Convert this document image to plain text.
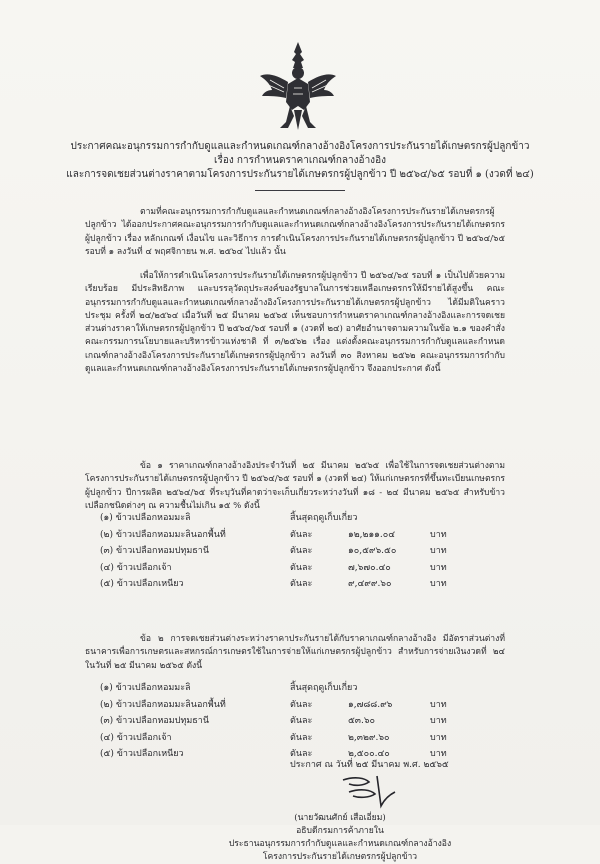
ประกาศคณะอนุกรรมการกำกับดูแลและกำหนดเกณฑ์กลางอ้างอิงโครงการประกันรายได้เกษตรกรผู้ปลูกข้าว
เรื่อง การกำหนดราคาเกณฑ์กลางอ้างอิง
และการจดเชยส่วนต่างราคาตามโครงการประกันรายได้เกษตรกรผู้ปลูกข้าว ปี ๒๕๖๔/๖๕ รอบที่ ๑ (งวดที่ ๒๔)
ตามที่คณะอนุกรรมการกำกับดูแลและกำหนดเกณฑ์กลางอ้างอิงโครงการประกันรายได้เกษตรกรผู้ปลูกข้าว ได้ออกประกาศคณะอนุกรรมการกำกับดูแลและกำหนดเกณฑ์กลางอ้างอิงโครงการประกันรายได้เกษตรกรผู้ปลูกข้าว เรื่อง หลักเกณฑ์ เงื่อนไข และวิธีการ การดำเนินโครงการประกันรายได้เกษตรกรผู้ปลูกข้าว ปี ๒๕๖๔/๖๕ รอบที่ ๑ ลงวันที่ ๔ พฤศจิกายน พ.ศ. ๒๕๖๔ ไปแล้ว นั้น
เพื่อให้การดำเนินโครงการประกันรายได้เกษตรกรผู้ปลูกข้าว ปี ๒๕๖๔/๖๕ รอบที่ ๑ เป็นไปด้วยความเรียบร้อย มีประสิทธิภาพ และบรรลุวัตถุประสงค์ของรัฐบาลในการช่วยเหลือเกษตรกรให้มีรายได้สูงขึ้น คณะอนุกรรมการกำกับดูแลและกำหนดเกณฑ์กลางอ้างอิงโครงการประกันรายได้เกษตรกรผู้ปลูกข้าว ได้มีมติในคราวประชุม ครั้งที่ ๒๔/๒๕๖๔ เมื่อวันที่ ๒๕ มีนาคม ๒๕๖๕ เห็นชอบการกำหนดราคาเกณฑ์กลางอ้างอิงและการจดเชยส่วนต่างราคาให้เกษตรกรผู้ปลูกข้าว ปี ๒๕๖๔/๖๕ รอบที่ ๑ (งวดที่ ๒๔) อาศัยอำนาจตามความในข้อ ๒.๑ ของคำสั่งคณะกรรมการนโยบายและบริหารข้าวแห่งชาติ ที่ ๓/๒๕๖๒ เรื่อง แต่งตั้งคณะอนุกรรมการกำกับดูแลและกำหนดเกณฑ์กลางอ้างอิงโครงการประกันรายได้เกษตรกรผู้ปลูกข้าว ลงวันที่ ๓๐ สิงหาคม ๒๕๖๒ คณะอนุกรรมการกำกับดูแลและกำหนดเกณฑ์กลางอ้างอิงโครงการประกันรายได้เกษตรกรผู้ปลูกข้าว จึงออกประกาศ ดังนี้
ข้อ ๑ ราคาเกณฑ์กลางอ้างอิงประจำวันที่ ๒๕ มีนาคม ๒๕๖๕ เพื่อใช้ในการจดเชยส่วนต่างตามโครงการประกันรายได้เกษตรกรผู้ปลูกข้าว ปี ๒๕๖๔/๖๕ รอบที่ ๑ (งวดที่ ๒๔) ให้แก่เกษตรกรที่ขึ้นทะเบียนเกษตรกรผู้ปลูกข้าว ปีการผลิต ๒๕๖๔/๖๕ ที่ระบุวันที่คาดว่าจะเก็บเกี่ยวระหว่างวันที่ ๑๘ - ๒๔ มีนาคม ๒๕๖๕ สำหรับข้าวเปลือกชนิดต่างๆ ณ ความชื้นไม่เกิน ๑๕ % ดังนี้
(๑) ข้าวเปลือกหอมมะลิ	สิ้นสุดฤดูเก็บเกี่ยว
(๒) ข้าวเปลือกหอมมะลินอกพื้นที่	ตันละ	๑๒,๒๑๑.๐๔	บาท
(๓) ข้าวเปลือกหอมปทุมธานี	ตันละ	๑๐,๕๙๖.๕๐	บาท
(๔) ข้าวเปลือกเจ้า	ตันละ	๗,๖๗๐.๔๐	บาท
(๕) ข้าวเปลือกเหนียว	ตันละ	๙,๔๙๙.๖๐	บาท
ข้อ ๒ การจดเชยส่วนต่างระหว่างราคาประกันรายได้กับราคาเกณฑ์กลางอ้างอิง มีอัตราส่วนต่างที่ธนาคารเพื่อการเกษตรและสหกรณ์การเกษตรใช้ในการจ่ายให้แก่เกษตรกรผู้ปลูกข้าว สำหรับการจ่ายเงินงวดที่ ๒๔ ในวันที่ ๒๕ มีนาคม ๒๕๖๕ ดังนี้
(๑) ข้าวเปลือกหอมมะลิ	สิ้นสุดฤดูเก็บเกี่ยว
(๒) ข้าวเปลือกหอมมะลินอกพื้นที่	ตันละ	๑,๗๘๘.๙๖	บาท
(๓) ข้าวเปลือกหอมปทุมธานี	ตันละ	๕๓.๖๐	บาท
(๔) ข้าวเปลือกเจ้า	ตันละ	๒,๓๒๙.๖๐	บาท
(๕) ข้าวเปลือกเหนียว	ตันละ	๒,๕๐๐.๔๐	บาท
ประกาศ ณ วันที่ ๒๕ มีนาคม พ.ศ. ๒๕๖๕
(นายวัฒนศักย์ เสือเอี่ยม)
อธิบดีกรมการค้าภายใน
ประธานอนุกรรมการกำกับดูแลและกำหนดเกณฑ์กลางอ้างอิง
โครงการประกันรายได้เกษตรกรผู้ปลูกข้าว
